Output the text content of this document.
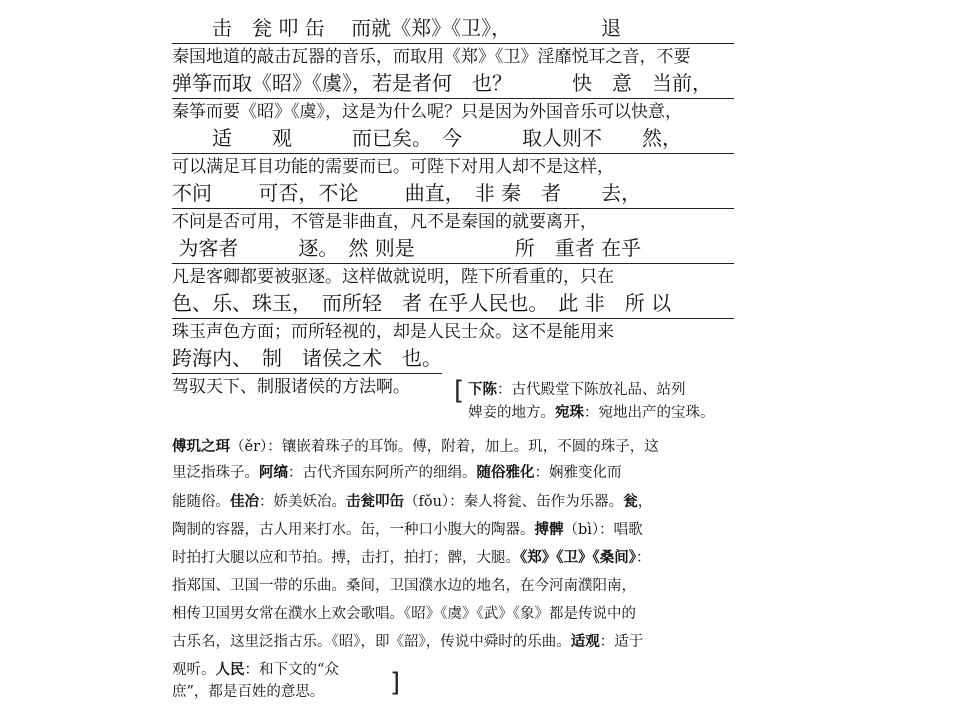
　　击　瓮 叩 缶　 而就《郑》《卫》，　　　　　退
秦国地道的敲击瓦器的音乐，而取用《郑》《卫》淫靡悦耳之音，不要
弹筝而取《昭》《虞》，若是者何　也？　　　快　意　当前，
秦筝而要《昭》《虞》，这是为什么呢？只是因为外国音乐可以快意，
　　适　　观　　　而已矣。　今　　　取人则不　　然，
可以满足耳目功能的需要而已。可陛下对用人却不是这样，
不问　　 可否，不论　　 曲直，　非 秦　者　　去，
不问是否可用，不管是非曲直，凡不是秦国的就要离开，
为客者　　　逐。　然 则是　　　　　所　重者 在乎
凡是客卿都要被驱逐。这样做就说明，陛下所看重的，只在
色、乐、珠玉，　而所轻　者 在乎人民也。　此 非　所 以
珠玉声色方面；而所轻视的，却是人民士众。这不是能用来
跨海内、　制　诸侯之术　也。
驾驭天下、制服诸侯的方法啊。	[
]
下陈：古代殿堂下陈放礼品、站列
婢妾的地方。宛珠：宛地出产的宝珠。
傅玑之珥（ěr）：镶嵌着珠子的耳饰。傅，附着，加上。玑，不圆的珠子，这
里泛指珠子。阿缟：古代齐国东阿所产的细绢。随俗雅化：娴雅变化而
能随俗。佳冶：娇美妖冶。击瓮叩缶（fǒu）：秦人将瓮、缶作为乐器。瓮，
陶制的容器，古人用来打水。缶，一种口小腹大的陶器。搏髀（bì）：唱歌
时拍打大腿以应和节拍。搏，击打，拍打；髀，大腿。《郑》《卫》《桑间》：
指郑国、卫国一带的乐曲。桑间，卫国濮水边的地名，在今河南濮阳南，
相传卫国男女常在濮水上欢会歌唱。《昭》《虞》《武》《象》都是传说中的
古乐名，这里泛指古乐。《昭》，即《韶》，传说中舜时的乐曲。适观：适于
观听。人民：和下文的“众
庶”，都是百姓的意思。
